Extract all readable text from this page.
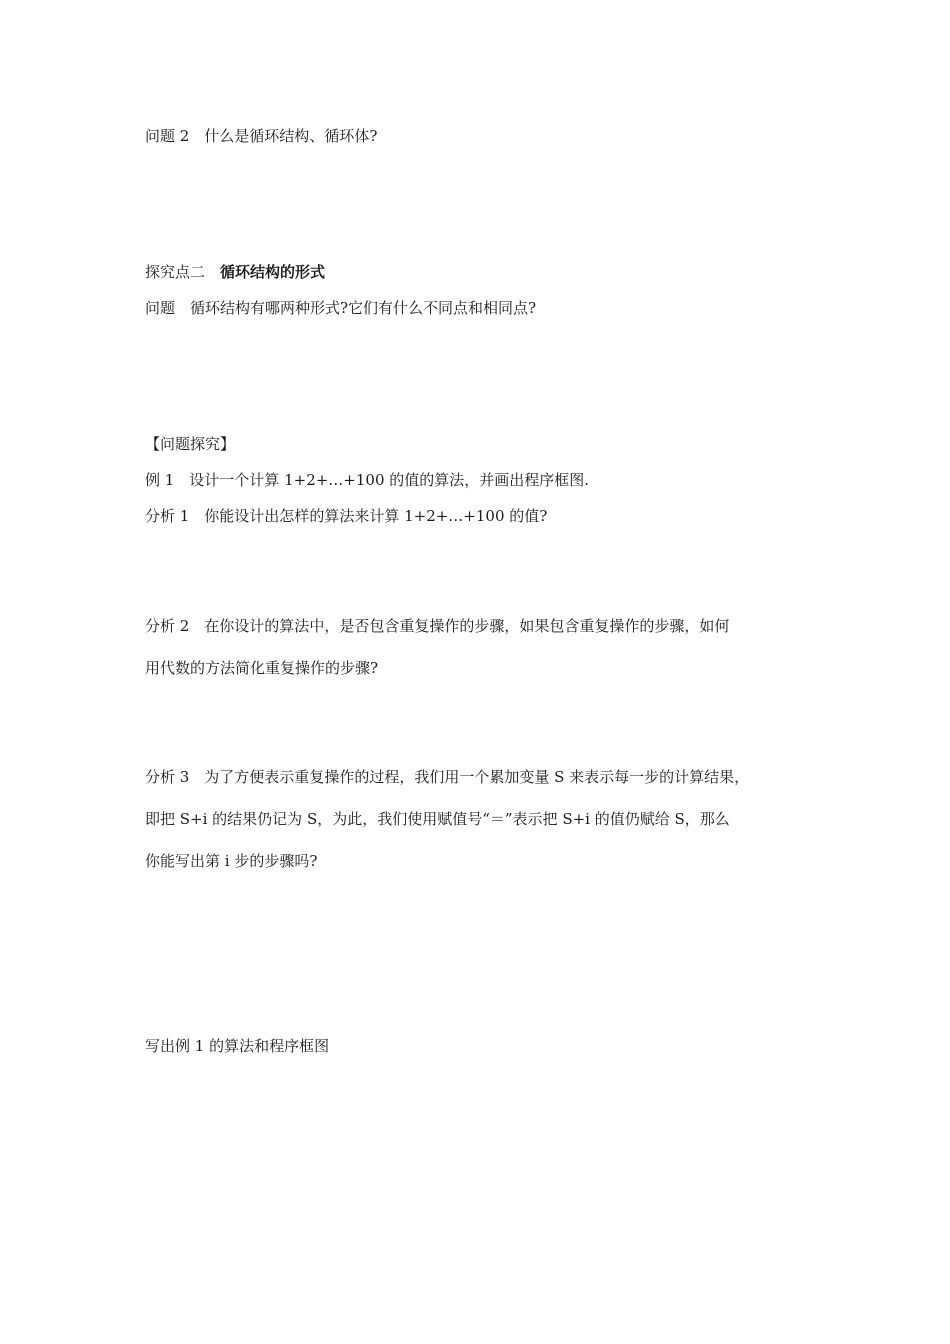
问题 2　什么是循环结构、循环体?
探究点二　循环结构的形式
问题　循环结构有哪两种形式?它们有什么不同点和相同点?
【问题探究】
例 1　设计一个计算 1+2+…+100 的值的算法，并画出程序框图.
分析 1　你能设计出怎样的算法来计算 1+2+…+100 的值?
分析 2　在你设计的算法中，是否包含重复操作的步骤，如果包含重复操作的步骤，如何
用代数的方法简化重复操作的步骤?
分析 3　为了方便表示重复操作的过程，我们用一个累加变量 S 来表示每一步的计算结果，
即把 S+i 的结果仍记为 S，为此，我们使用赋值号“＝”表示把 S+i 的值仍赋给 S，那么
你能写出第 i 步的步骤吗?
写出例 1 的算法和程序框图
